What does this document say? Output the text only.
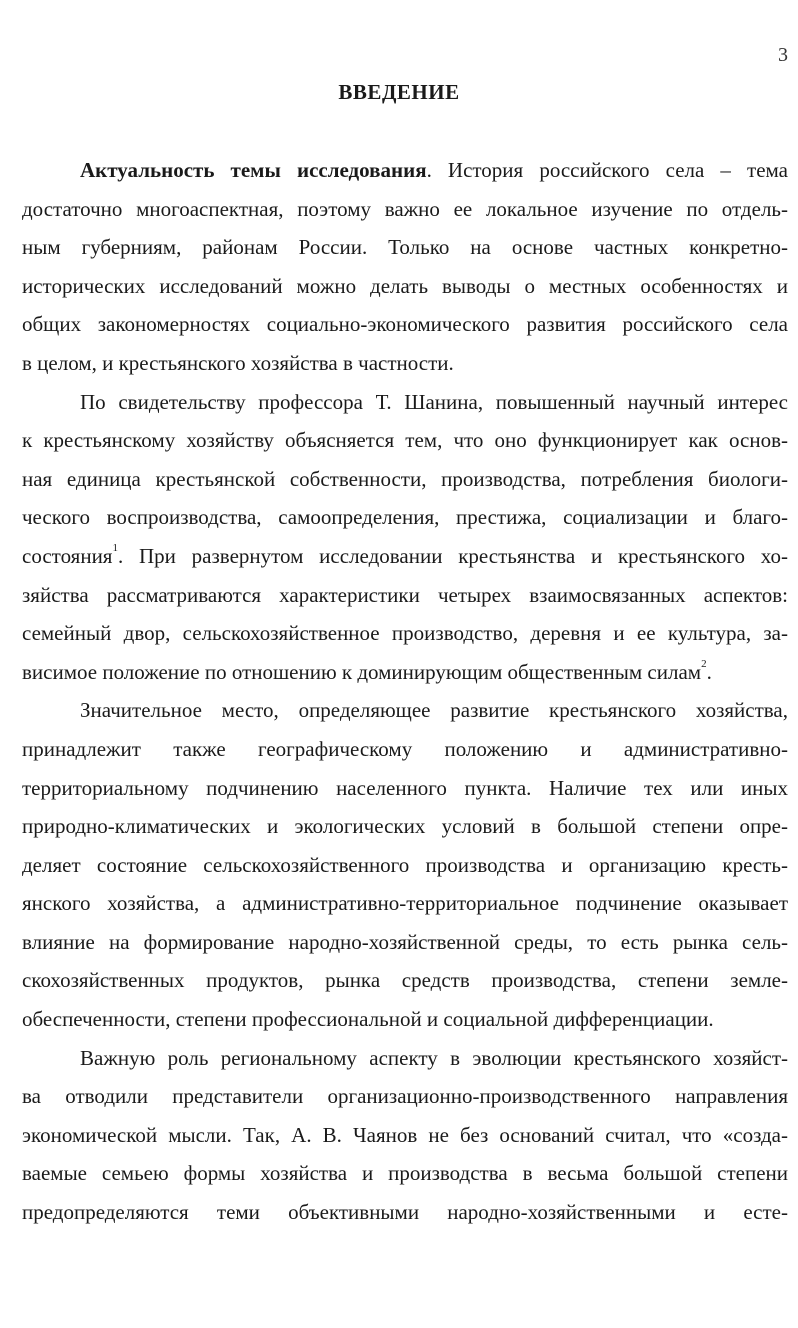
3
ВВЕДЕНИЕ
Актуальность темы исследования. История российского села – тема
достаточно многоаспектная, поэтому важно ее локальное изучение по отдель-
ным губерниям, районам России. Только на основе частных конкретно-
исторических исследований можно делать выводы о местных особенностях и
общих закономерностях социально-экономического развития российского села
в целом, и крестьянского хозяйства в частности.
По свидетельству профессора Т. Шанина, повышенный научный интерес
к крестьянскому хозяйству объясняется тем, что оно функционирует как основ-
ная единица крестьянской собственности, производства, потребления биологи-
ческого воспроизводства, самоопределения, престижа, социализации и благо-
состояния$^1$. При развернутом исследовании крестьянства и крестьянского хо-
зяйства рассматриваются характеристики четырех взаимосвязанных аспектов:
семейный двор, сельскохозяйственное производство, деревня и ее культура, за-
висимое положение по отношению к доминирующим общественным силам$^2$.
Значительное место, определяющее развитие крестьянского хозяйства,
принадлежит также географическому положению и административно-
территориальному подчинению населенного пункта. Наличие тех или иных
природно-климатических и экологических условий в большой степени опре-
деляет состояние сельскохозяйственного производства и организацию кресть-
янского хозяйства, а административно-территориальное подчинение оказывает
влияние на формирование народно-хозяйственной среды, то есть рынка сель-
скохозяйственных продуктов, рынка средств производства, степени земле-
обеспеченности, степени профессиональной и социальной дифференциации.
Важную роль региональному аспекту в эволюции крестьянского хозяйст-
ва отводили представители организационно-производственного направления
экономической мысли. Так, А. В. Чаянов не без оснований считал, что «созда-
ваемые семьею формы хозяйства и производства в весьма большой степени
предопределяются теми объективными народно-хозяйственными и есте-
